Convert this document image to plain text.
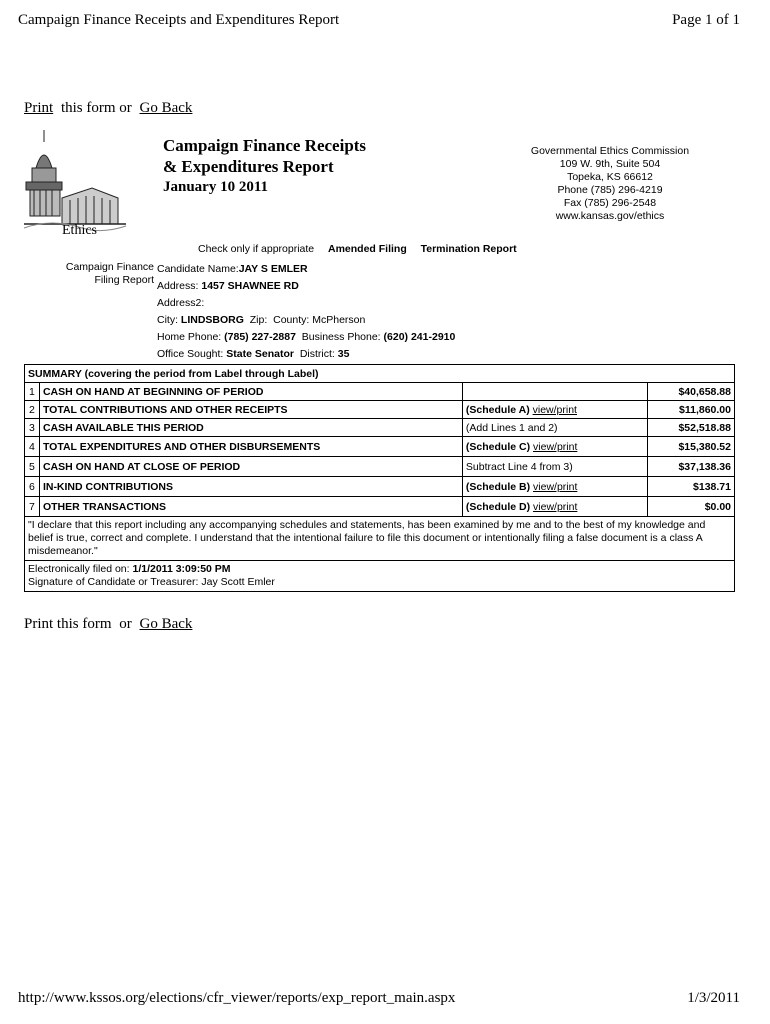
Campaign Finance Receipts and Expenditures Report	Page 1 of 1
Print this form or Go Back
Ethics
Campaign Finance Receipts
& Expenditures Report
January 10 2011
Governmental Ethics Commission
109 W. 9th, Suite 504
Topeka, KS 66612
Phone (785) 296-4219
Fax (785) 296-2548
www.kansas.gov/ethics
Check only if appropriate Amended Filing Termination Report
Campaign Finance
Filing Report
Candidate Name:JAY S EMLER
Address: 1457 SHAWNEE RD
Address2:
City: LINDSBORG Zip: County: McPherson
Home Phone: (785) 227-2887 Business Phone: (620) 241-2910
Office Sought: State Senator District: 35
SUMMARY (covering the period from Label through Label)			
1	CASH ON HAND AT BEGINNING OF PERIOD		$40,658.88
2	TOTAL CONTRIBUTIONS AND OTHER RECEIPTS	(Schedule A) view/print	$11,860.00
3	CASH AVAILABLE THIS PERIOD	(Add Lines 1 and 2)	$52,518.88
4	TOTAL EXPENDITURES AND OTHER DISBURSEMENTS	(Schedule C) view/print	$15,380.52
5	CASH ON HAND AT CLOSE OF PERIOD	Subtract Line 4 from 3)	$37,138.36
6	IN-KIND CONTRIBUTIONS	(Schedule B) view/print	$138.71
7	OTHER TRANSACTIONS	(Schedule D) view/print	$0.00
"I declare that this report including any accompanying schedules and statements, has been examined by me and to the best of my knowledge and belief is true, correct and complete. I understand that the intentional failure to file this document or intentionally filing a false document is a class A misdemeanor."			

Electronically filed on: 1/1/2011 3:09:50 PM
Signature of Candidate or Treasurer: Jay Scott Emler			
Print this form or Go Back
http://www.kssos.org/elections/cfr_viewer/reports/exp_report_main.aspx	1/3/2011
